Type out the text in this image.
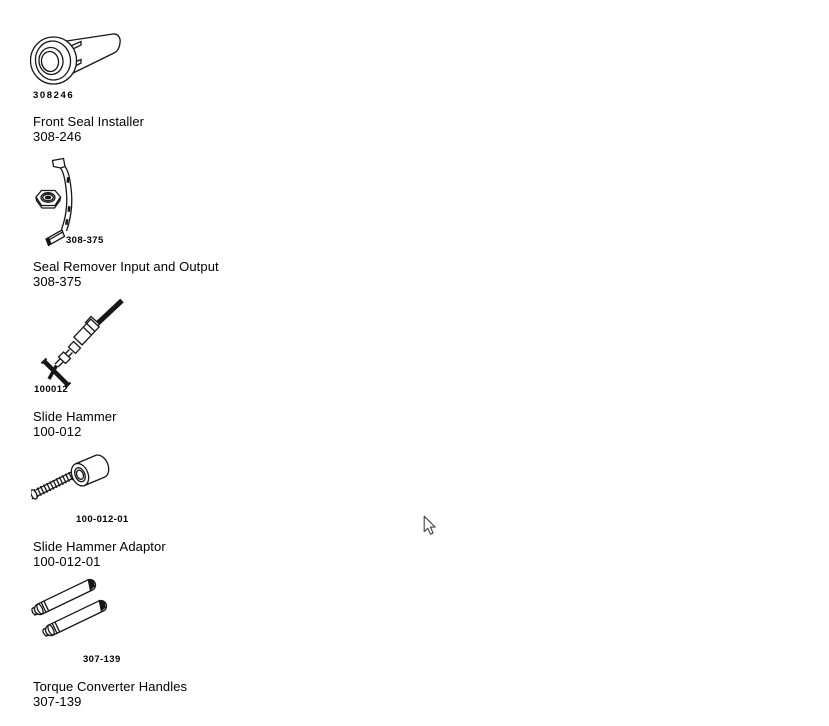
308246
Front Seal Installer
308-246
308-375
Seal Remover Input and Output
308-375
100012
Slide Hammer
100-012
100-012-01
Slide Hammer Adaptor
100-012-01
307-139
Torque Converter Handles
307-139
